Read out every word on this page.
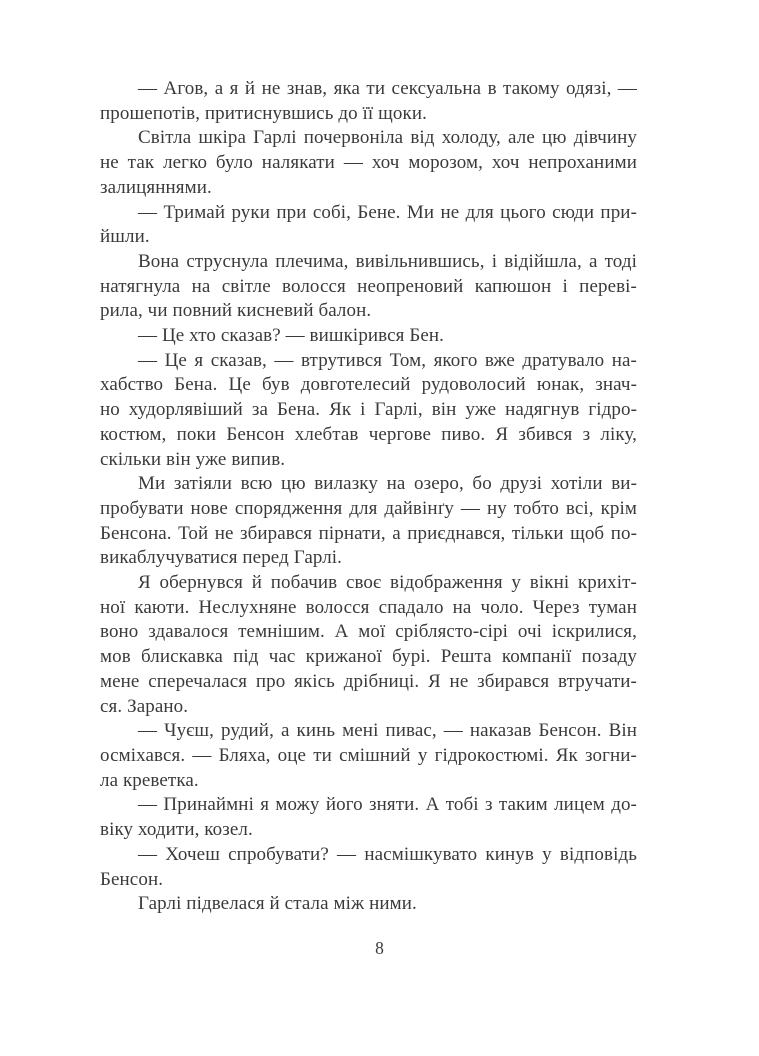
— Агов, а я й не знав, яка ти сексуальна в такому одязі, —
прошепотів, притиснувшись до її щоки.
Світла шкіра Гарлі почервоніла від холоду, але цю дівчину
не так легко було налякати — хоч морозом, хоч непроханими
залицяннями.
— Тримай руки при собі, Бене. Ми не для цього сюди при-
йшли.
Вона струснула плечима, вивільнившись, і відійшла, а тоді
натягнула на світле волосся неопреновий капюшон і переві-
рила, чи повний кисневий балон.
— Це хто сказав? — вишкірився Бен.
— Це я сказав, — втрутився Том, якого вже дратувало на-
хабство Бена. Це був довготелесий рудоволосий юнак, знач-
но худорлявіший за Бена. Як і Гарлі, він уже надягнув гідро-
костюм, поки Бенсон хлебтав чергове пиво. Я збився з ліку,
скільки він уже випив.
Ми затіяли всю цю вилазку на озеро, бо друзі хотіли ви-
пробувати нове спорядження для дайвінґу — ну тобто всі, крім
Бенсона. Той не збирався пірнати, а приєднався, тільки щоб по-
викаблучуватися перед Гарлі.
Я обернувся й побачив своє відображення у вікні крихіт-
ної каюти. Неслухняне волосся спадало на чоло. Через туман
воно здавалося темнішим. А мої сріблясто-сірі очі іскрилися,
мов блискавка під час крижаної бурі. Решта компанії позаду
мене сперечалася про якісь дрібниці. Я не збирався втручати-
ся. Зарано.
— Чуєш, рудий, а кинь мені пивас, — наказав Бенсон. Він
осміхався. — Бляха, оце ти смішний у гідрокостюмі. Як зогни-
ла креветка.
— Принаймні я можу його зняти. А тобі з таким лицем до-
віку ходити, козел.
— Хочеш спробувати? — насмішкувато кинув у відповідь
Бенсон.
Гарлі підвелася й стала між ними.
8
